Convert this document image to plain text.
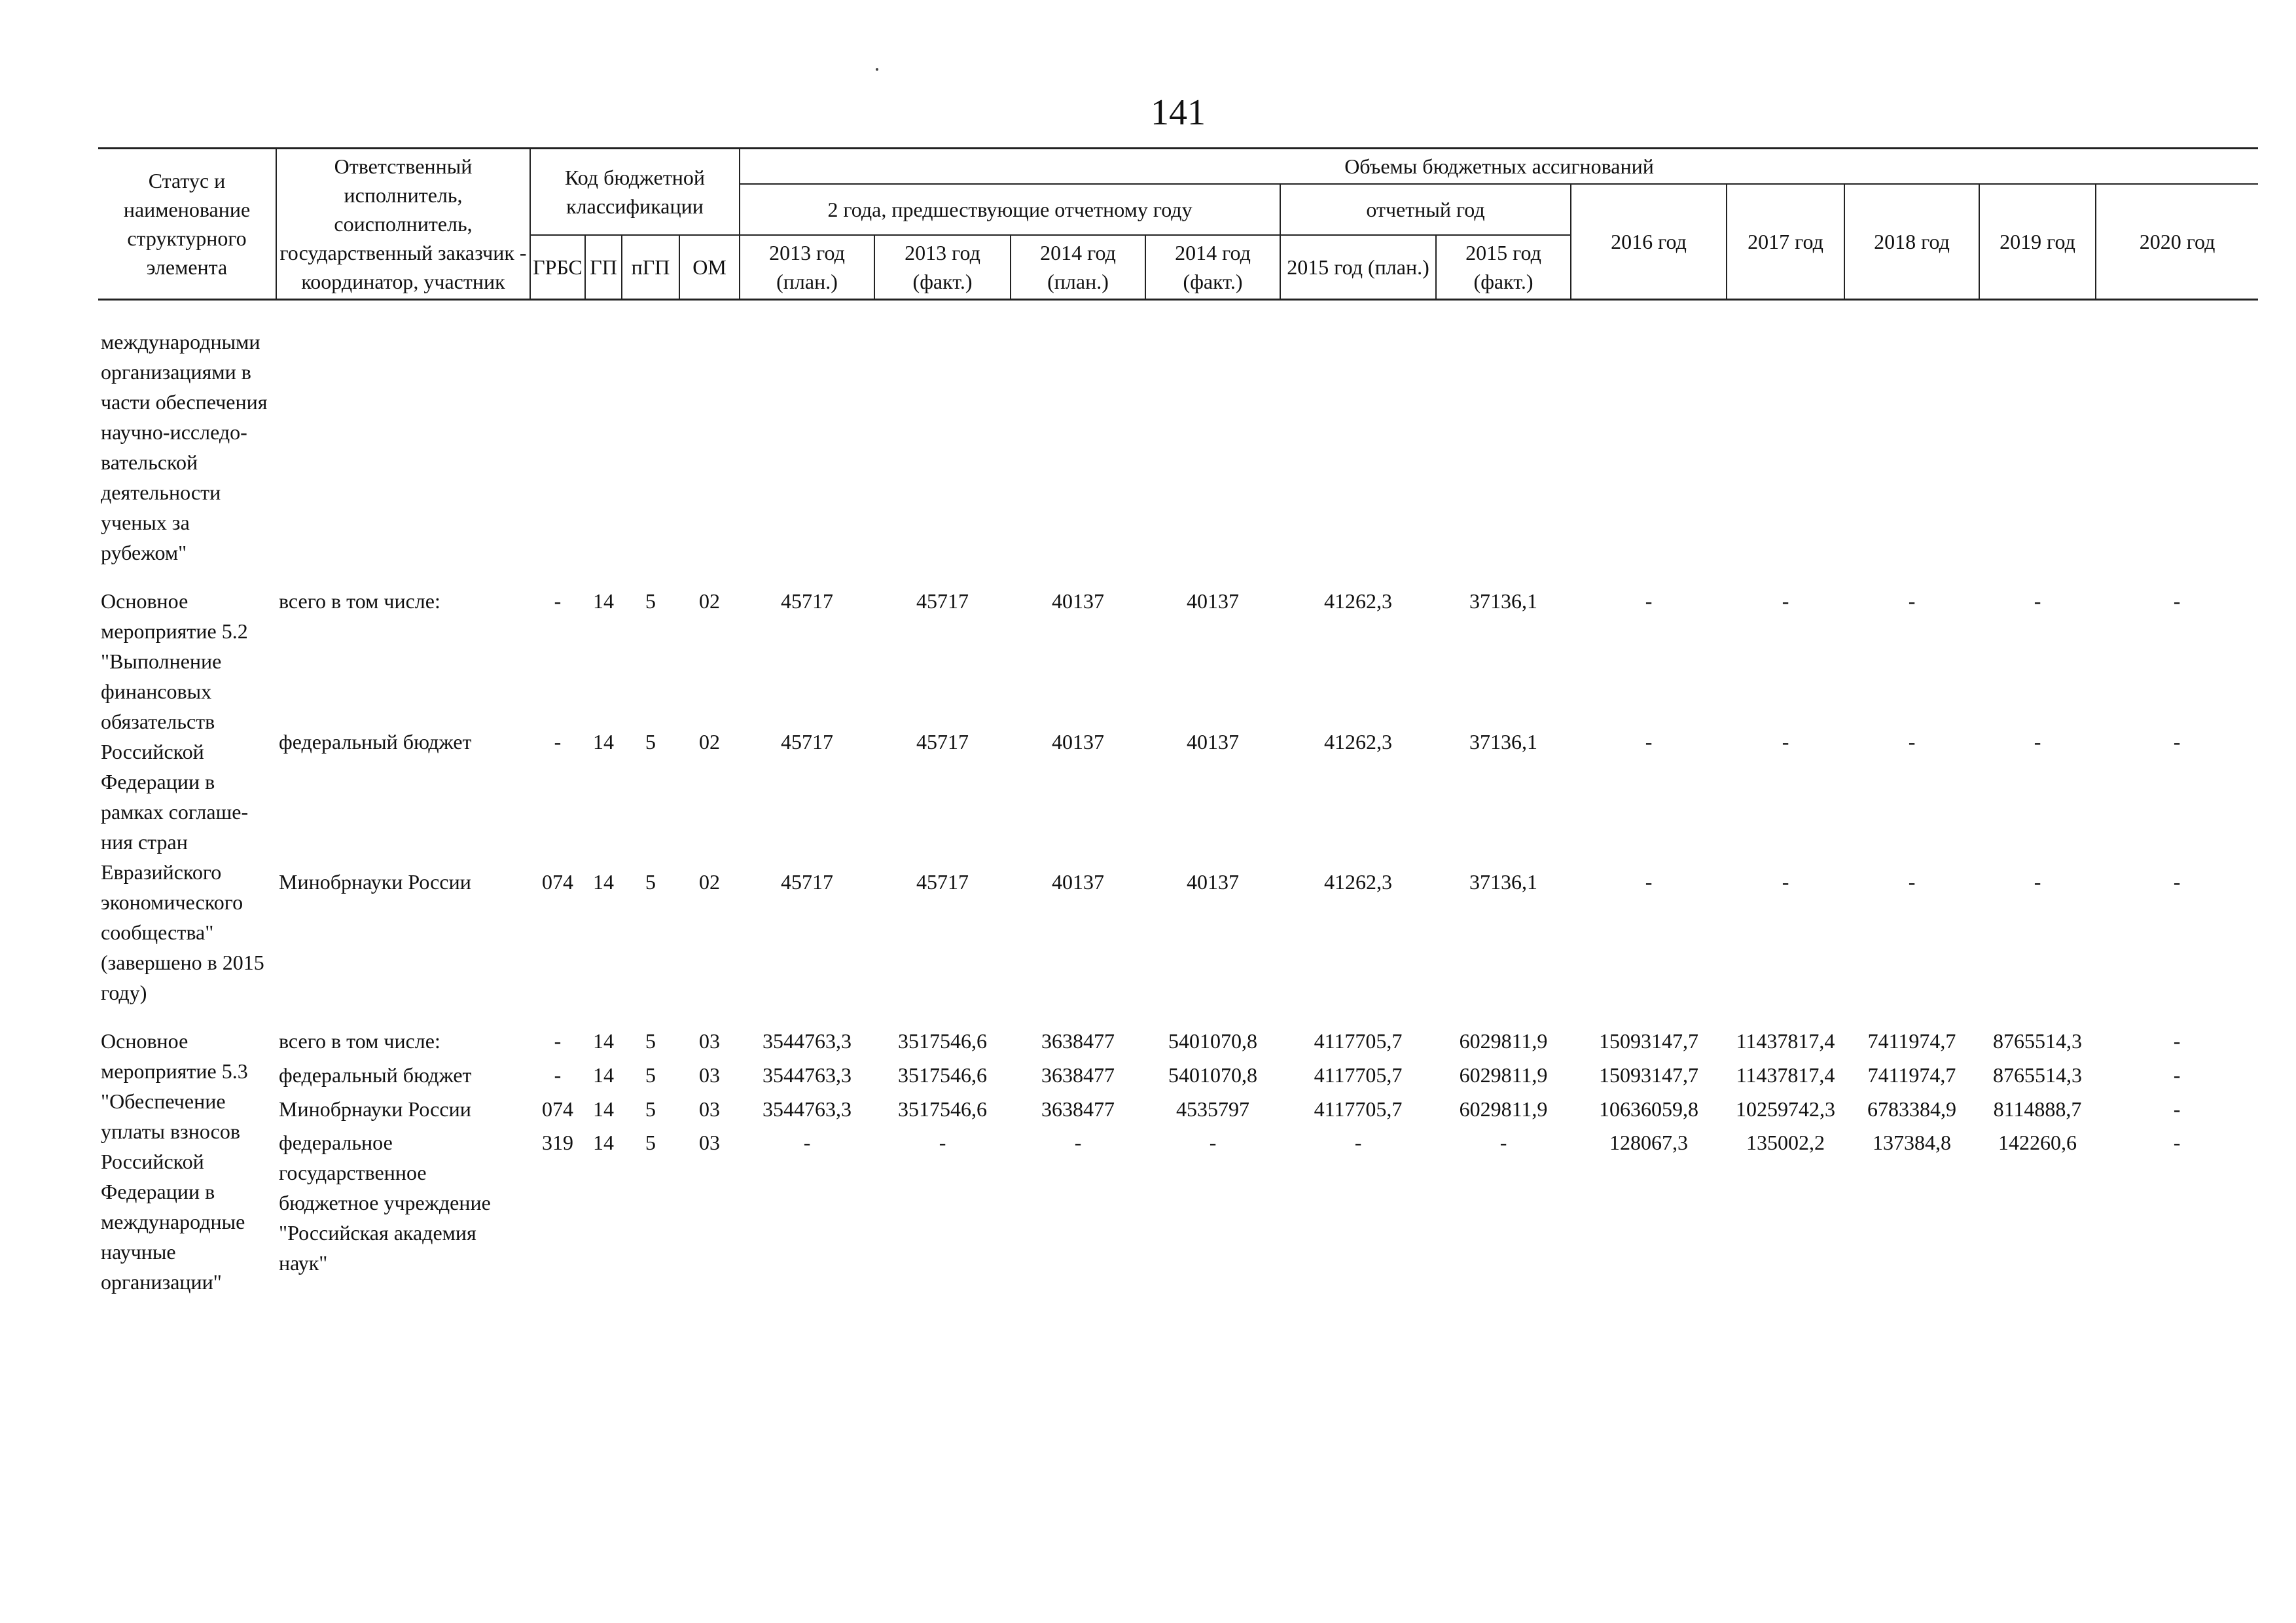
141
Статус и наименование структурного элемента	Ответственный исполнитель, соисполнитель, государственный заказчик - координатор, участник	Код бюджетной классификации				Объемы бюджетных ассигнований										
						2 года, предшествующие отчетному году				отчетный год		2016 год	2017 год	2018 год	2019 год	2020 год
		ГРБС	ГП	пГП	ОМ	2013 год (план.)	2013 год (факт.)	2014 год (план.)	2014 год (факт.)	2015 год (план.)	2015 год (факт.)					

международными организациями в части обеспечения научно-исследо-вательской деятельности ученых за рубежом"																

Основное мероприятие 5.2 "Выполнение финансовых обязательств Российской Федерации в рамках соглаше-ния стран Евразийского экономического сообщества" (завершено в 2015 году)	всего в том числе:	-	14	5	02	45717	45717	40137	40137	41262,3	37136,1	-	-	-	-	-
	федеральный бюджет	-	14	5	02	45717	45717	40137	40137	41262,3	37136,1	-	-	-	-	-
	Минобрнауки России	074	14	5	02	45717	45717	40137	40137	41262,3	37136,1	-	-	-	-	-

Основное мероприятие 5.3 "Обеспечение уплаты взносов Российской Федерации в международные научные организации"	всего в том числе:	-	14	5	03	3544763,3	3517546,6	3638477	5401070,8	4117705,7	6029811,9	15093147,7	11437817,4	7411974,7	8765514,3	-
	федеральный бюджет	-	14	5	03	3544763,3	3517546,6	3638477	5401070,8	4117705,7	6029811,9	15093147,7	11437817,4	7411974,7	8765514,3	-
	Минобрнауки России	074	14	5	03	3544763,3	3517546,6	3638477	4535797	4117705,7	6029811,9	10636059,8	10259742,3	6783384,9	8114888,7	-
	федеральное государственное бюджетное учреждение "Российская академия наук"	319	14	5	03	-	-	-	-	-	-	128067,3	135002,2	137384,8	142260,6	-
